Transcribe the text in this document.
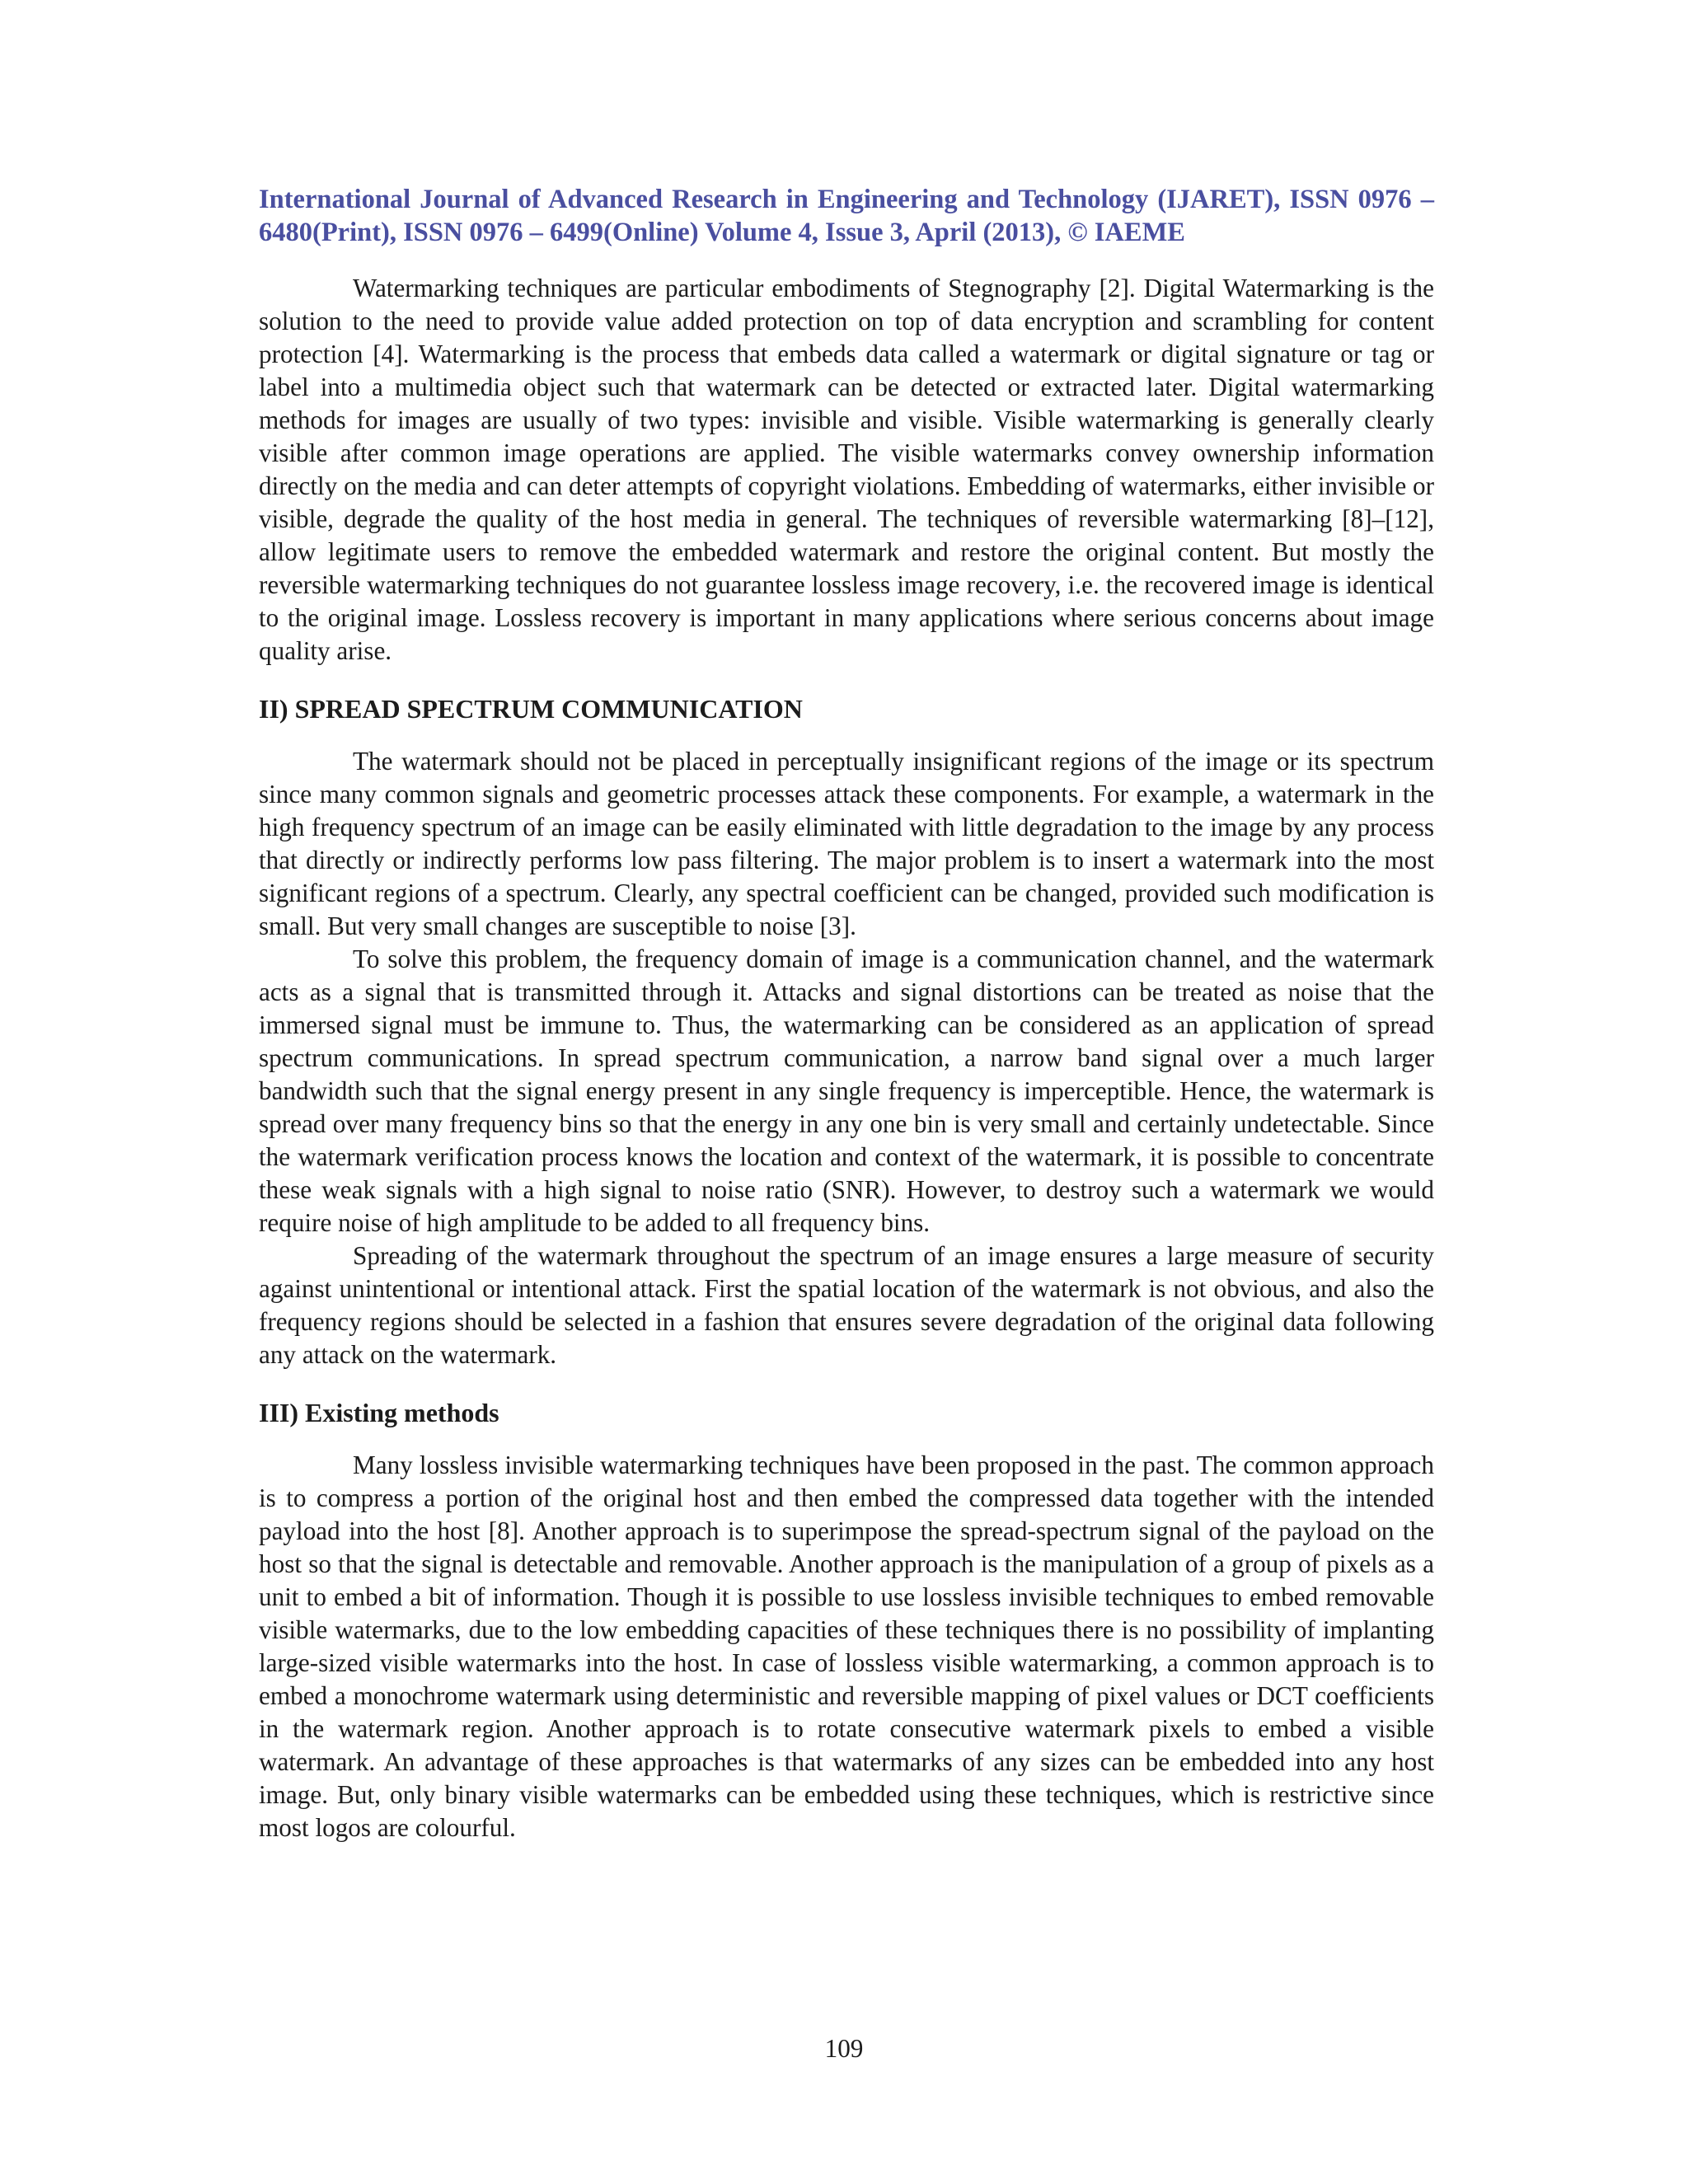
International Journal of Advanced Research in Engineering and Technology (IJARET), ISSN 0976 – 6480(Print), ISSN 0976 – 6499(Online) Volume 4, Issue 3, April (2013), © IAEME

Watermarking techniques are particular embodiments of Stegnography [2]. Digital Watermarking is the solution to the need to provide value added protection on top of data encryption and scrambling for content protection [4]. Watermarking is the process that embeds data called a watermark or digital signature or tag or label into a multimedia object such that watermark can be detected or extracted later. Digital watermarking methods for images are usually of two types: invisible and visible. Visible watermarking is generally clearly visible after common image operations are applied. The visible watermarks convey ownership information directly on the media and can deter attempts of copyright violations. Embedding of watermarks, either invisible or visible, degrade the quality of the host media in general. The techniques of reversible watermarking [8]–[12], allow legitimate users to remove the embedded watermark and restore the original content. But mostly the reversible watermarking techniques do not guarantee lossless image recovery, i.e. the recovered image is identical to the original image. Lossless recovery is important in many applications where serious concerns about image quality arise.

II) SPREAD SPECTRUM COMMUNICATION

The watermark should not be placed in perceptually insignificant regions of the image or its spectrum since many common signals and geometric processes attack these components. For example, a watermark in the high frequency spectrum of an image can be easily eliminated with little degradation to the image by any process that directly or indirectly performs low pass filtering. The major problem is to insert a watermark into the most significant regions of a spectrum. Clearly, any spectral coefficient can be changed, provided such modification is small. But very small changes are susceptible to noise [3].

To solve this problem, the frequency domain of image is a communication channel, and the watermark acts as a signal that is transmitted through it. Attacks and signal distortions can be treated as noise that the immersed signal must be immune to. Thus, the watermarking can be considered as an application of spread spectrum communications. In spread spectrum communication, a narrow band signal over a much larger bandwidth such that the signal energy present in any single frequency is imperceptible. Hence, the watermark is spread over many frequency bins so that the energy in any one bin is very small and certainly undetectable. Since the watermark verification process knows the location and context of the watermark, it is possible to concentrate these weak signals with a high signal to noise ratio (SNR). However, to destroy such a watermark we would require noise of high amplitude to be added to all frequency bins.

Spreading of the watermark throughout the spectrum of an image ensures a large measure of security against unintentional or intentional attack. First the spatial location of the watermark is not obvious, and also the frequency regions should be selected in a fashion that ensures severe degradation of the original data following any attack on the watermark.

III) Existing methods

Many lossless invisible watermarking techniques have been proposed in the past. The common approach is to compress a portion of the original host and then embed the compressed data together with the intended payload into the host [8]. Another approach is to superimpose the spread-spectrum signal of the payload on the host so that the signal is detectable and removable. Another approach is the manipulation of a group of pixels as a unit to embed a bit of information. Though it is possible to use lossless invisible techniques to embed removable visible watermarks, due to the low embedding capacities of these techniques there is no possibility of implanting large-sized visible watermarks into the host. In case of lossless visible watermarking, a common approach is to embed a monochrome watermark using deterministic and reversible mapping of pixel values or DCT coefficients in the watermark region. Another approach is to rotate consecutive watermark pixels to embed a visible watermark. An advantage of these approaches is that watermarks of any sizes can be embedded into any host image. But, only binary visible watermarks can be embedded using these techniques, which is restrictive since most logos are colourful.

109
